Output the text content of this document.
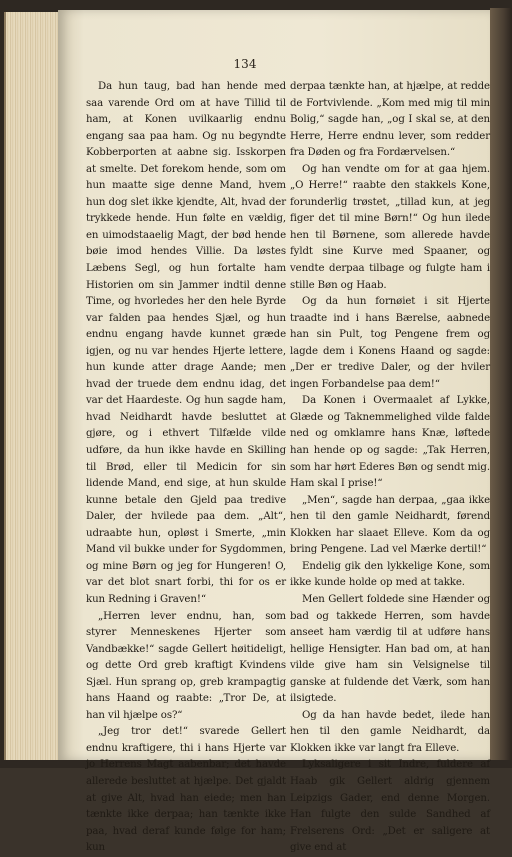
134

Da hun taug, bad han hende med saa varende Ord om at have Tillid til ham, at Konen uvilkaarlig endnu engang saa paa ham. Og nu begyndte Kobberporten at aabne sig. Isskorpen at smelte. Det forekom hende, som om hun maatte sige denne Mand, hvem hun dog slet ikke kjendte, Alt, hvad der trykkede hende. Hun følte en vældig, en uimodstaaelig Magt, der bød hende bøie imod hendes Villie. Da løstes Læbens Segl, og hun fortalte ham Historien om sin Jammer indtil denne Time, og hvorledes her den hele Byrde var falden paa hendes Sjæl, og hun endnu engang havde kunnet græde igjen, og nu var hendes Hjerte lettere, hun kunde atter drage Aande; men hvad der truede dem endnu idag, det var det Haardeste. Og hun sagde ham, hvad Neidhardt havde besluttet at gjøre, og i ethvert Tilfælde vilde udføre, da hun ikke havde en Skilling til Brød, eller til Medicin for sin lidende Mand, end sige, at hun skulde kunne betale den Gjeld paa tredive Daler, der hvilede paa dem. „Alt“, udraabte hun, opløst i Smerte, „min Mand vil bukke under for Sygdommen, og mine Børn og jeg for Hungeren! O, var det blot snart forbi, thi for os er kun Redning i Graven!“

„Herren lever endnu, han, som styrer Menneskenes Hjerter som Vandbække!“ sagde Gellert høitideligt, og dette Ord greb kraftigt Kvindens Sjæl. Hun sprang op, greb krampagtig hans Haand og raabte: „Tror De, at han vil hjælpe os?“

„Jeg tror det!“ svarede Gellert endnu kraftigere, thi i hans Hjerte var jo Herrens Magt aabenbar; det havde allerede besluttet at hjælpe. Det gjaldt at give Alt, hvad han eiede; men han tænkte ikke derpaa; han tænkte ikke paa, hvad deraf kunde følge for ham; kun

derpaa tænkte han, at hjælpe, at redde de Fortvivlende. „Kom med mig til min Bolig,“ sagde han, „og I skal se, at den Herre, Herre endnu lever, som redder fra Døden og fra Fordærvelsen.“

Og han vendte om for at gaa hjem. „O Herre!“ raabte den stakkels Kone, forunderlig trøstet, „tillad kun, at jeg figer det til mine Børn!“ Og hun ilede hen til Børnene, som allerede havde fyldt sine Kurve med Spaaner, og vendte derpaa tilbage og fulgte ham i stille Bøn og Haab.

Og da hun fornøiet i sit Hjerte traadte ind i hans Bærelse, aabnede han sin Pult, tog Pengene frem og lagde dem i Konens Haand og sagde: „Der er tredive Daler, og der hviler ingen Forbandelse paa dem!“

Da Konen i Overmaalet af Lykke, Glæde og Taknemmelighed vilde falde ned og omklamre hans Knæ, løftede han hende op og sagde: „Tak Herren, som har hørt Ederes Bøn og sendt mig. Ham skal I prise!“

„Men“, sagde han derpaa, „gaa ikke hen til den gamle Neidhardt, førend Klokken har slaaet Elleve. Kom da og bring Pengene. Lad vel Mærke dertil!“

Endelig gik den lykkelige Kone, som ikke kunde holde op med at takke.

Men Gellert foldede sine Hænder og bad og takkede Herren, som havde anseet ham værdig til at udføre hans hellige Hensigter. Han bad om, at han vilde give ham sin Velsignelse til ganske at fuldende det Værk, som han ilsigtede.

Og da han havde bedet, ilede han hen til den gamle Neidhardt, da Klokken ikke var langt fra Elleve.

Lyksaligere i sit Indre, fuldere af Haab gik Gellert aldrig gjennem Leipzigs Gader, end denne Morgen. Han fulgte den sulde Sandhed af Frelserens Ord: „Det er saligere at give end at
